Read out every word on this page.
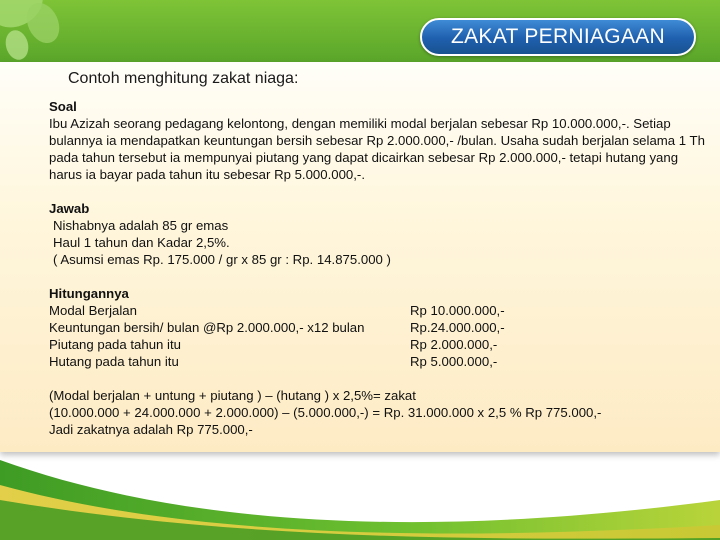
ZAKAT PERNIAGAAN
Contoh menghitung zakat niaga:
Soal
Ibu Azizah seorang pedagang kelontong, dengan memiliki modal berjalan sebesar Rp 10.000.000,-. Setiap bulannya ia mendapatkan keuntungan bersih sebesar Rp 2.000.000,- /bulan. Usaha sudah berjalan selama 1 Th pada tahun tersebut ia mempunyai piutang yang dapat dicairkan sebesar Rp 2.000.000,- tetapi hutang yang harus ia bayar pada tahun itu sebesar Rp 5.000.000,-.
Jawab
Nishabnya adalah 85 gr emas
Haul 1 tahun dan Kadar 2,5%.
( Asumsi emas Rp. 175.000 / gr x 85 gr : Rp. 14.875.000 )
Hitungannya
Modal Berjalan	Rp 10.000.000,-
Keuntungan bersih/ bulan @Rp 2.000.000,- x12 bulan	Rp.24.000.000,-
Piutang pada tahun itu	Rp 2.000.000,-
Hutang pada tahun itu	Rp 5.000.000,-
(Modal berjalan + untung + piutang ) – (hutang ) x 2,5%= zakat
(10.000.000 + 24.000.000 + 2.000.000) – (5.000.000,-) = Rp. 31.000.000 x 2,5 % Rp 775.000,-
Jadi zakatnya adalah Rp 775.000,-
